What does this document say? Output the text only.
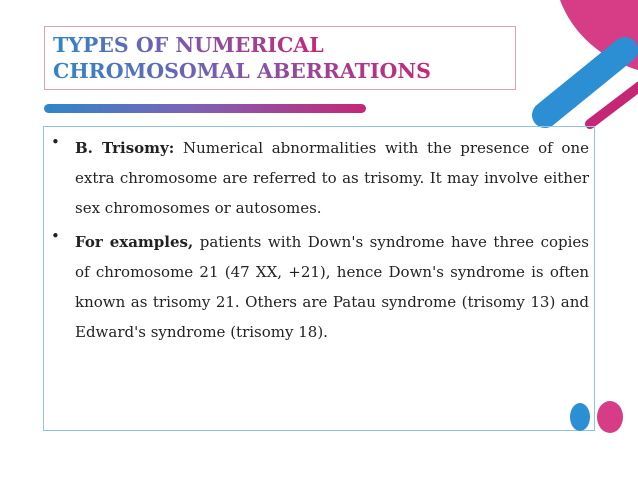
TYPES OF NUMERICAL
CHROMOSOMAL ABERRATIONS
• B. Trisomy: Numerical abnormalities with the presence of one extra chromosome are referred to as trisomy. It may involve either sex chromosomes or autosomes.
• For examples, patients with Down's syndrome have three copies of chromosome 21 (47 XX, +21), hence Down's syndrome is often known as trisomy 21. Others are Patau syndrome (trisomy 13) and Edward's syndrome (trisomy 18).
